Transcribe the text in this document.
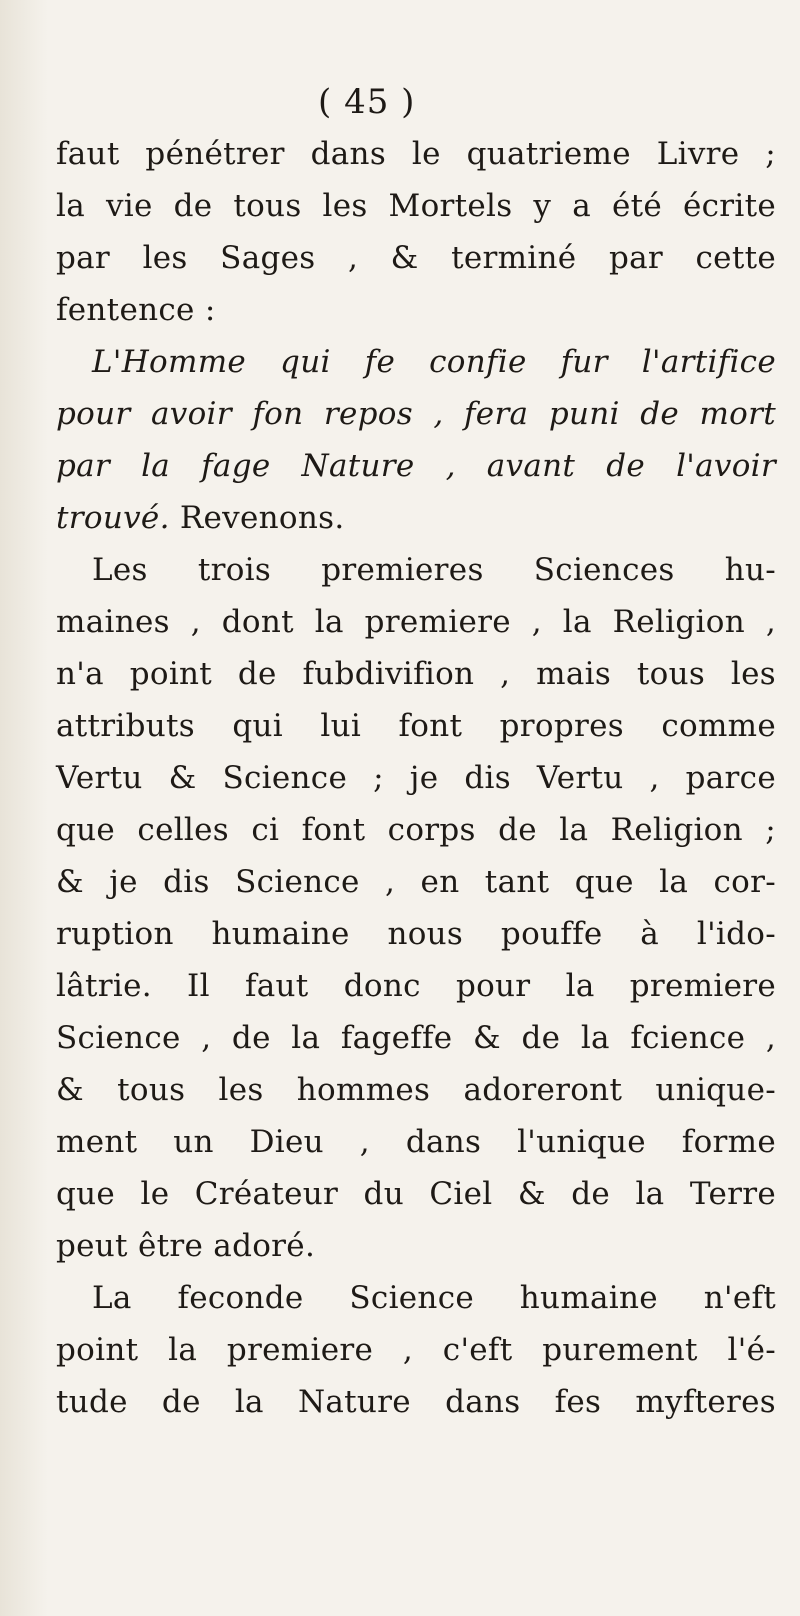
( 45 )
faut pénétrer dans le quatrieme Livre ;
la vie de tous les Mortels y a été écrite
par les Sages , & terminé par cette
fentence :
L'Homme qui fe confie fur l'artifice
pour avoir fon repos , fera puni de mort
par la fage Nature , avant de l'avoir
trouvé. Revenons.
Les trois premieres Sciences hu-
maines , dont la premiere , la Religion ,
n'a point de fubdivifion , mais tous les
attributs qui lui font propres comme
Vertu & Science ; je dis Vertu , parce
que celles ci font corps de la Religion ;
& je dis Science , en tant que la cor-
ruption humaine nous pouffe à l'ido-
lâtrie. Il faut donc pour la premiere
Science , de la fageffe & de la fcience ,
& tous les hommes adoreront unique-
ment un Dieu , dans l'unique forme
que le Créateur du Ciel & de la Terre
peut être adoré.
La feconde Science humaine n'eft
point la premiere , c'eft purement l'é-
tude de la Nature dans fes myfteres
